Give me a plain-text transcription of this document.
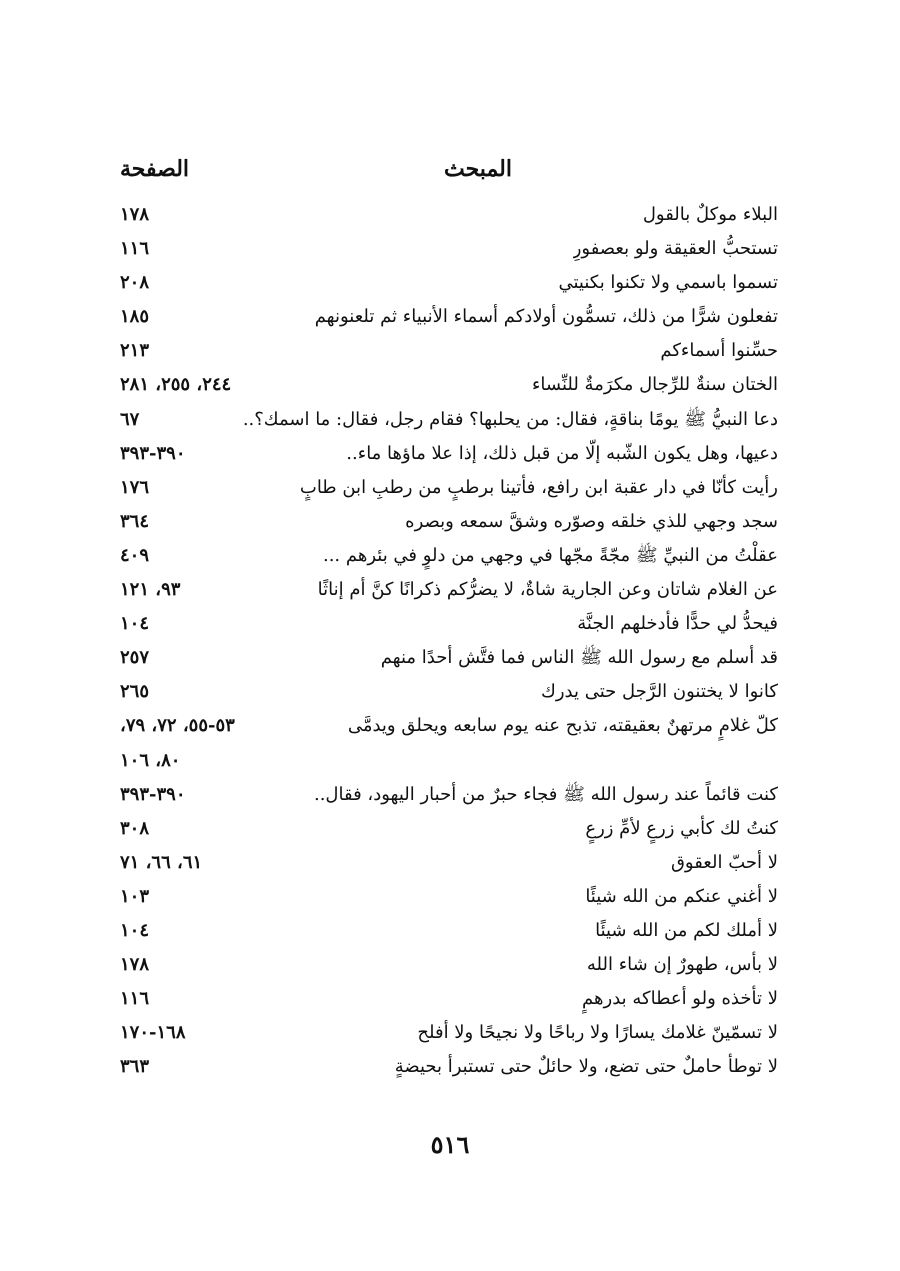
المبحث
الصفحة
البلاء موكلٌ بالقول
١٧٨
تستحبُّ العقيقة ولو بعصفورِ
١١٦
تسموا باسمي ولا تكنوا بكنيتي
٢٠٨
تفعلون شرًّا من ذلك، تسمُّون أولادكم أسماء الأنبياء ثم تلعنونهم
١٨٥
حسِّنوا أسماءكم
٢١٣
الختان سنةٌ للرِّجال مكرَمةٌ للنِّساء
٢٤٤، ٢٥٥، ٢٨١
دعا النبيُّ ﷺ يومًا بناقةٍ، فقال: من يحلبها؟ فقام رجل، فقال: ما اسمك؟..
٦٧
دعيها، وهل يكون الشّبه إلّا من قبل ذلك، إذا علا ماؤها ماء..
٣٩٠-٣٩٣
رأيت كأنّا في دار عقبة ابن رافع، فأتينا برطبٍ من رطبِ ابن طابٍ
١٧٦
سجد وجهي للذي خلقه وصوّره وشقَّ سمعه وبصره
٣٦٤
عقلْتُ من النبيِّ ﷺ مجّةً مجّها في وجهي من دلوٍ في بئرهم ...
٤٠٩
عن الغلام شاتان وعن الجارية شاةٌ، لا يضرُّكم ذكرانًا كنَّ أم إناثًا
٩٣، ١٢١
فيحدُّ لي حدًّا فأدخلهم الجنَّة
١٠٤
قد أسلم مع رسول الله ﷺ الناس فما فتَّش أحدًا منهم
٢٥٧
كانوا لا يختنون الرَّجل حتى يدرك
٢٦٥
كلّ غلامٍ مرتهنٌ بعقيقته، تذبح عنه يوم سابعه ويحلق ويدمَّى
٥٣-٥٥، ٧٢، ٧٩،
٨٠، ١٠٦
كنت قائماً عند رسول الله ﷺ فجاء حبرٌ من أحبار اليهود، فقال..
٣٩٠-٣٩٣
كنتُ لك كأبي زرعٍ لأمِّ زرعٍ
٣٠٨
لا أحبّ العقوق
٦١، ٦٦، ٧١
لا أغني عنكم من الله شيئًا
١٠٣
لا أملك لكم من الله شيئًا
١٠٤
لا بأس، طهورٌ إن شاء الله
١٧٨
لا تأخذه ولو أعطاكه بدرهمٍ
١١٦
لا تسمّينّ غلامك يسارًا ولا رباحًا ولا نجيحًا ولا أفلح
١٦٨-١٧٠
لا توطأ حاملٌ حتى تضع، ولا حائلٌ حتى تستبرأ بحيضةٍ
٣٦٣
٥١٦
